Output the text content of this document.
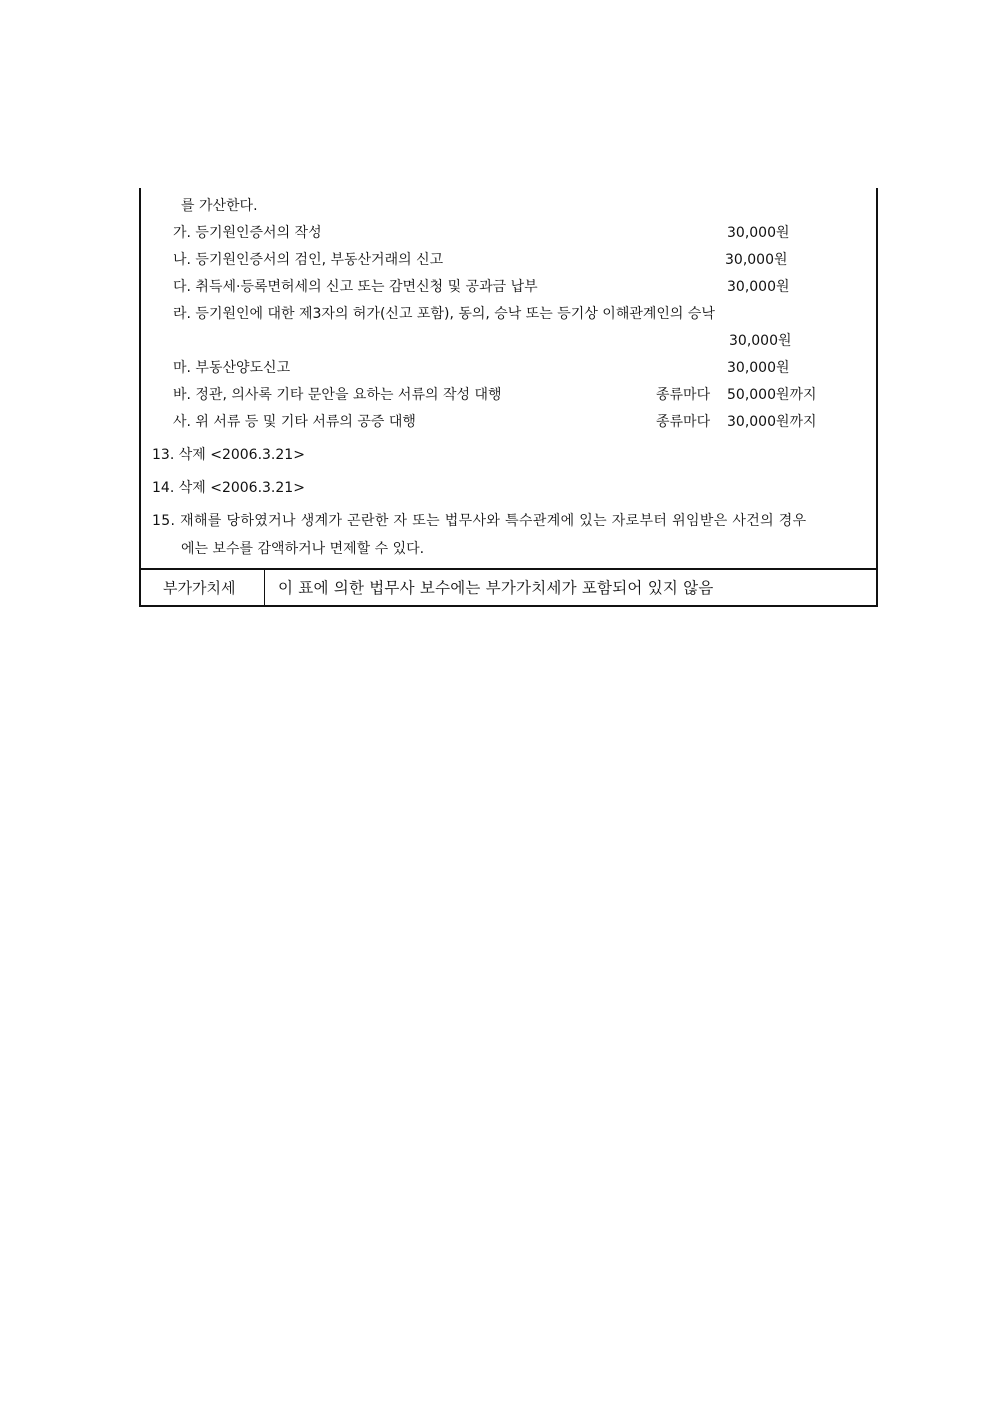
를 가산한다.
가. 등기원인증서의 작성	30,000원
나. 등기원인증서의 검인, 부동산거래의 신고	30,000원
다. 취득세·등록면허세의 신고 또는 감면신청 및 공과금 납부	30,000원
라. 등기원인에 대한 제3자의 허가(신고 포함), 동의, 승낙 또는 등기상 이해관계인의 승낙
30,000원
마. 부동산양도신고	30,000원
바. 정관, 의사록 기타 문안을 요하는 서류의 작성 대행	종류마다 50,000원까지
사. 위 서류 등 및 기타 서류의 공증 대행	종류마다 30,000원까지
13. 삭제 <2006.3.21>
14. 삭제 <2006.3.21>
15. 재해를 당하였거나 생계가 곤란한 자 또는 법무사와 특수관계에 있는 자로부터 위임받은 사건의 경우
에는 보수를 감액하거나 면제할 수 있다.
부가가치세	이 표에 의한 법무사 보수에는 부가가치세가 포함되어 있지 않음
